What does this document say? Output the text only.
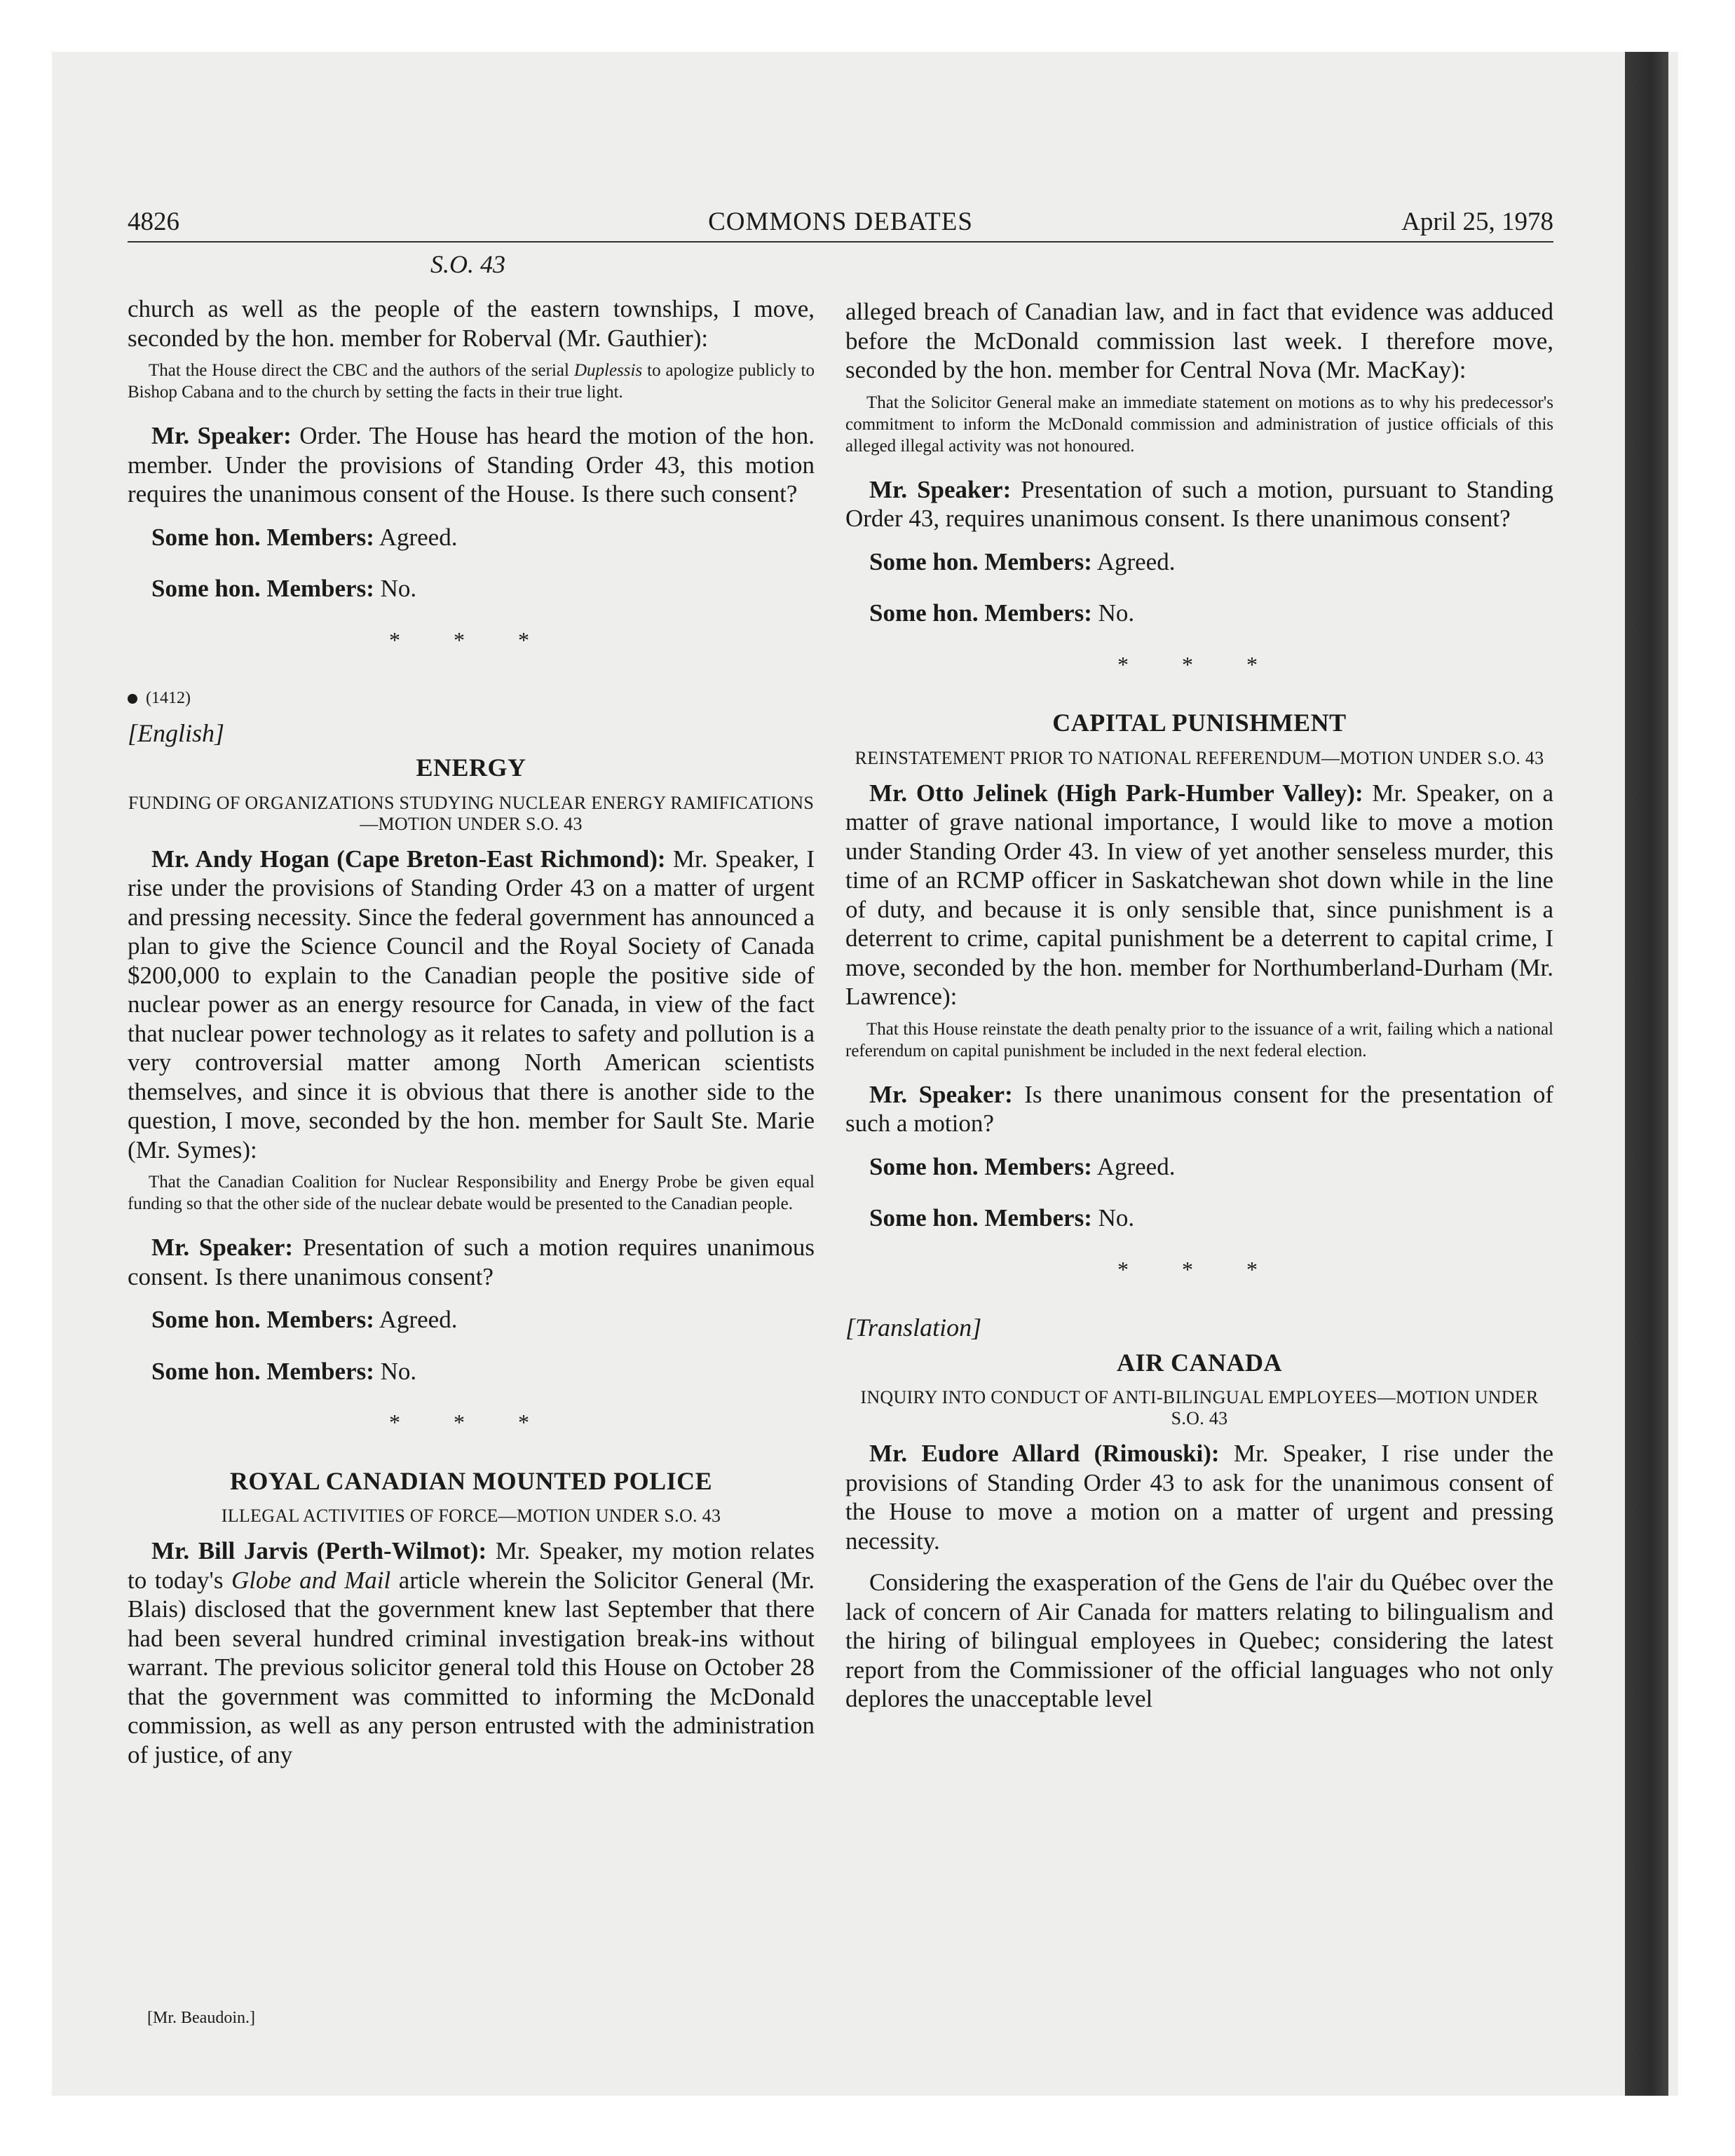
4826	COMMONS DEBATES	April 25, 1978
S.O. 43

church as well as the people of the eastern townships, I move, seconded by the hon. member for Roberval (Mr. Gauthier):

That the House direct the CBC and the authors of the serial Duplessis to apologize publicly to Bishop Cabana and to the church by setting the facts in their true light.

Mr. Speaker: Order. The House has heard the motion of the hon. member. Under the provisions of Standing Order 43, this motion requires the unanimous consent of the House. Is there such consent?

Some hon. Members: Agreed.

Some hon. Members: No.

* * *

(1412)

[English]

ENERGY

FUNDING OF ORGANIZATIONS STUDYING NUCLEAR ENERGY RAMIFICATIONS—MOTION UNDER S.O. 43

Mr. Andy Hogan (Cape Breton-East Richmond): Mr. Speaker, I rise under the provisions of Standing Order 43 on a matter of urgent and pressing necessity. Since the federal government has announced a plan to give the Science Council and the Royal Society of Canada $200,000 to explain to the Canadian people the positive side of nuclear power as an energy resource for Canada, in view of the fact that nuclear power technology as it relates to safety and pollution is a very controversial matter among North American scientists themselves, and since it is obvious that there is another side to the question, I move, seconded by the hon. member for Sault Ste. Marie (Mr. Symes):

That the Canadian Coalition for Nuclear Responsibility and Energy Probe be given equal funding so that the other side of the nuclear debate would be presented to the Canadian people.

Mr. Speaker: Presentation of such a motion requires unanimous consent. Is there unanimous consent?

Some hon. Members: Agreed.

Some hon. Members: No.

* * *

ROYAL CANADIAN MOUNTED POLICE

ILLEGAL ACTIVITIES OF FORCE—MOTION UNDER S.O. 43

Mr. Bill Jarvis (Perth-Wilmot): Mr. Speaker, my motion relates to today's Globe and Mail article wherein the Solicitor General (Mr. Blais) disclosed that the government knew last September that there had been several hundred criminal investigation break-ins without warrant. The previous solicitor general told this House on October 28 that the government was committed to informing the McDonald commission, as well as any person entrusted with the administration of justice, of any

[Mr. Beaudoin.]

alleged breach of Canadian law, and in fact that evidence was adduced before the McDonald commission last week. I therefore move, seconded by the hon. member for Central Nova (Mr. MacKay):

That the Solicitor General make an immediate statement on motions as to why his predecessor's commitment to inform the McDonald commission and administration of justice officials of this alleged illegal activity was not honoured.

Mr. Speaker: Presentation of such a motion, pursuant to Standing Order 43, requires unanimous consent. Is there unanimous consent?

Some hon. Members: Agreed.

Some hon. Members: No.

* * *

CAPITAL PUNISHMENT

REINSTATEMENT PRIOR TO NATIONAL REFERENDUM—MOTION UNDER S.O. 43

Mr. Otto Jelinek (High Park-Humber Valley): Mr. Speaker, on a matter of grave national importance, I would like to move a motion under Standing Order 43. In view of yet another senseless murder, this time of an RCMP officer in Saskatchewan shot down while in the line of duty, and because it is only sensible that, since punishment is a deterrent to crime, capital punishment be a deterrent to capital crime, I move, seconded by the hon. member for Northumberland-Durham (Mr. Lawrence):

That this House reinstate the death penalty prior to the issuance of a writ, failing which a national referendum on capital punishment be included in the next federal election.

Mr. Speaker: Is there unanimous consent for the presentation of such a motion?

Some hon. Members: Agreed.

Some hon. Members: No.

* * *

[Translation]

AIR CANADA

INQUIRY INTO CONDUCT OF ANTI-BILINGUAL EMPLOYEES—MOTION UNDER S.O. 43

Mr. Eudore Allard (Rimouski): Mr. Speaker, I rise under the provisions of Standing Order 43 to ask for the unanimous consent of the House to move a motion on a matter of urgent and pressing necessity.

Considering the exasperation of the Gens de l'air du Québec over the lack of concern of Air Canada for matters relating to bilingualism and the hiring of bilingual employees in Quebec; considering the latest report from the Commissioner of the official languages who not only deplores the unacceptable level
